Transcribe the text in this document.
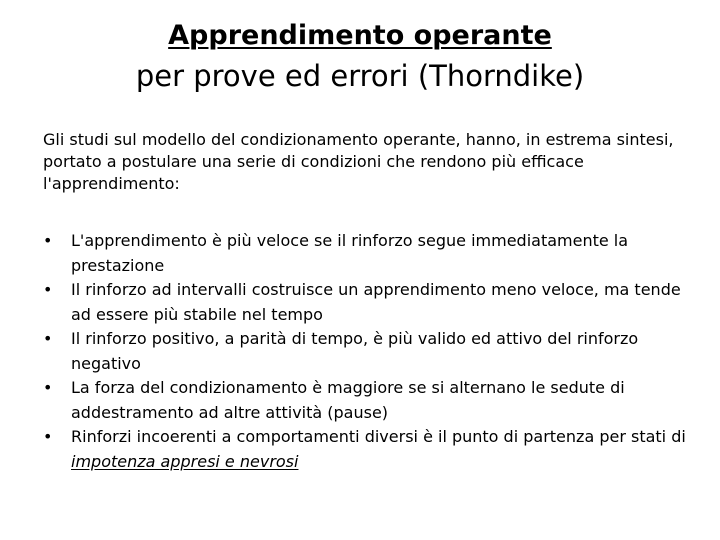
Apprendimento operante
per prove ed errori (Thorndike)
Gli studi sul modello del condizionamento operante, hanno, in estrema sintesi, portato a postulare una serie di condizioni che rendono più efficace l'apprendimento:
•	L'apprendimento è più veloce se il rinforzo segue immediatamente la prestazione
•	Il rinforzo ad intervalli costruisce un apprendimento meno veloce, ma tende ad essere più stabile nel tempo
•	Il rinforzo positivo, a parità di tempo, è più valido ed attivo del rinforzo negativo
•	La forza del condizionamento è maggiore se si alternano le sedute di addestramento ad altre attività (pause)
•	Rinforzi incoerenti a comportamenti diversi è il punto di partenza per stati di impotenza appresi e nevrosi
